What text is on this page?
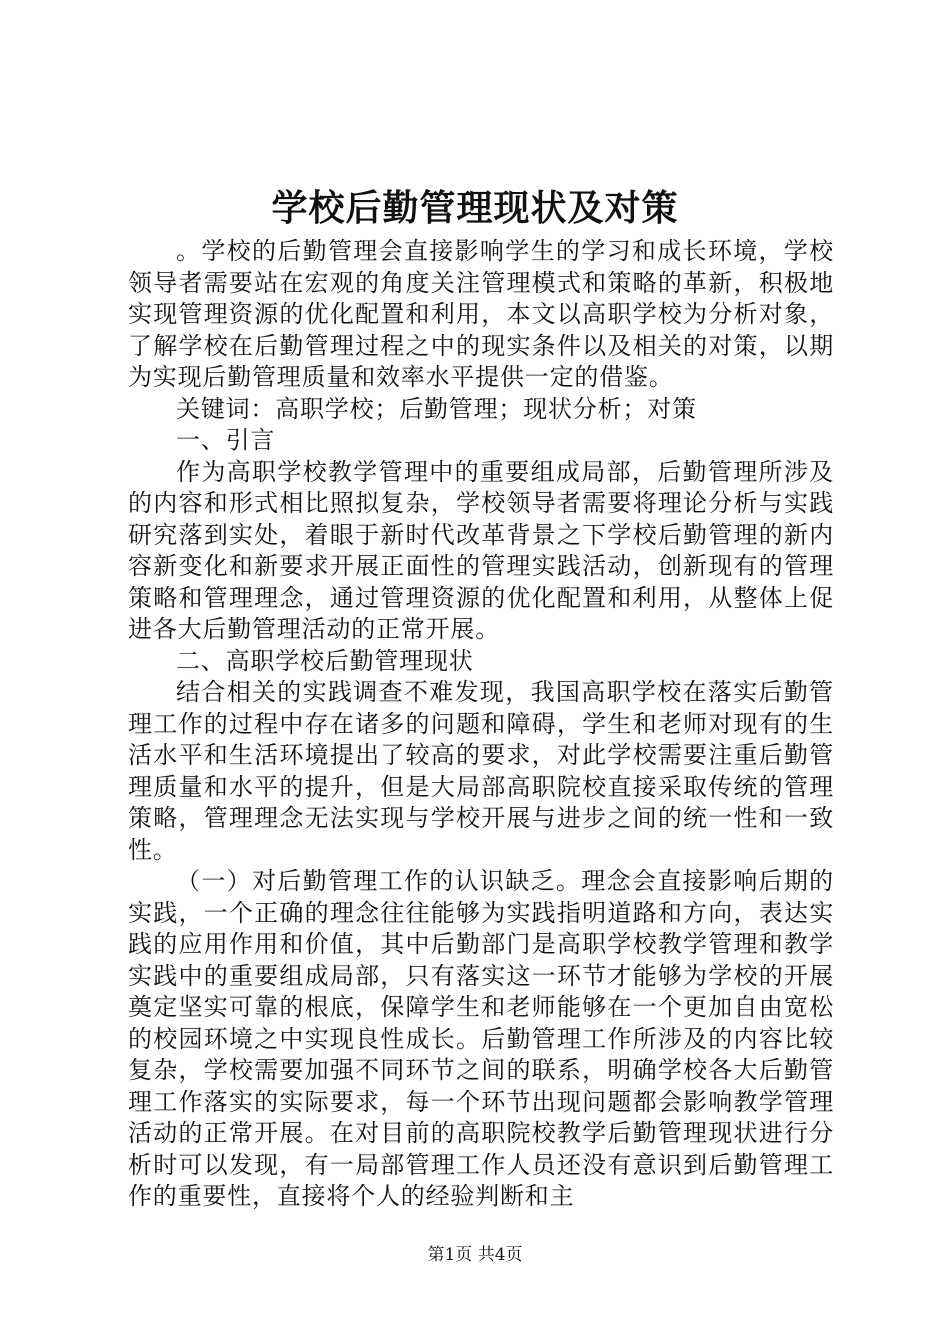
学校后勤管理现状及对策

。学校的后勤管理会直接影响学生的学习和成长环境，学校领导者需要站在宏观的角度关注管理模式和策略的革新，积极地实现管理资源的优化配置和利用，本文以高职学校为分析对象，了解学校在后勤管理过程之中的现实条件以及相关的对策，以期为实现后勤管理质量和效率水平提供一定的借鉴。

关键词：高职学校；后勤管理；现状分析；对策

一、引言

作为高职学校教学管理中的重要组成局部，后勤管理所涉及的内容和形式相比照拟复杂，学校领导者需要将理论分析与实践研究落到实处，着眼于新时代改革背景之下学校后勤管理的新内容新变化和新要求开展正面性的管理实践活动，创新现有的管理策略和管理理念，通过管理资源的优化配置和利用，从整体上促进各大后勤管理活动的正常开展。

二、高职学校后勤管理现状

结合相关的实践调查不难发现，我国高职学校在落实后勤管理工作的过程中存在诸多的问题和障碍，学生和老师对现有的生活水平和生活环境提出了较高的要求，对此学校需要注重后勤管理质量和水平的提升，但是大局部高职院校直接采取传统的管理策略，管理理念无法实现与学校开展与进步之间的统一性和一致性。

（一）对后勤管理工作的认识缺乏。理念会直接影响后期的实践，一个正确的理念往往能够为实践指明道路和方向，表达实践的应用作用和价值，其中后勤部门是高职学校教学管理和教学实践中的重要组成局部，只有落实这一环节才能够为学校的开展奠定坚实可靠的根底，保障学生和老师能够在一个更加自由宽松的校园环境之中实现良性成长。后勤管理工作所涉及的内容比较复杂，学校需要加强不同环节之间的联系，明确学校各大后勤管理工作落实的实际要求，每一个环节出现问题都会影响教学管理活动的正常开展。在对目前的高职院校教学后勤管理现状进行分析时可以发现，有一局部管理工作人员还没有意识到后勤管理工作的重要性，直接将个人的经验判断和主

第1页 共4页
